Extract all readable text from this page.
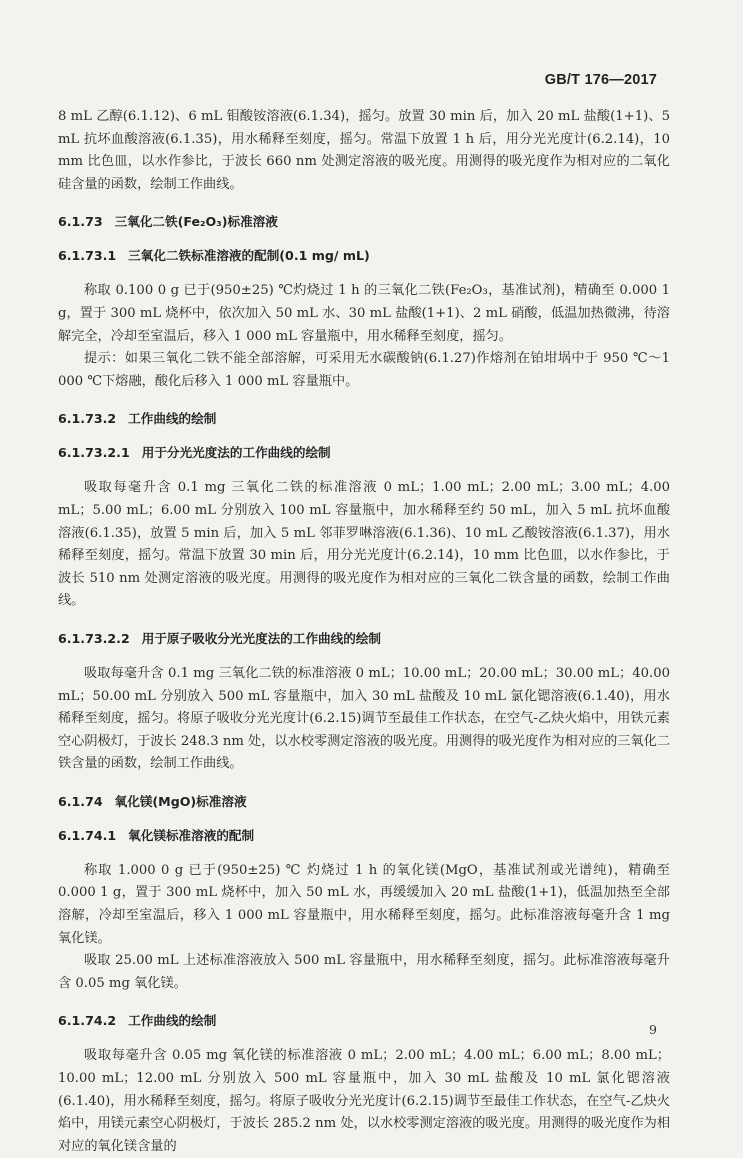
GB/T 176—2017

8 mL 乙醇(6.1.12)、6 mL 钼酸铵溶液(6.1.34)，摇匀。放置 30 min 后，加入 20 mL 盐酸(1+1)、5 mL 抗坏血酸溶液(6.1.35)，用水稀释至刻度，摇匀。常温下放置 1 h 后，用分光光度计(6.2.14)，10 mm 比色皿，以水作参比，于波长 660 nm 处测定溶液的吸光度。用测得的吸光度作为相对应的二氧化硅含量的函数，绘制工作曲线。

6.1.73 三氧化二铁(Fe₂O₃)标准溶液
6.1.73.1 三氧化二铁标准溶液的配制(0.1 mg/ mL)

称取 0.100 0 g 已于(950±25) ℃灼烧过 1 h 的三氧化二铁(Fe₂O₃，基准试剂)，精确至 0.000 1 g，置于 300 mL 烧杯中，依次加入 50 mL 水、30 mL 盐酸(1+1)、2 mL 硝酸，低温加热微沸，待溶解完全，冷却至室温后，移入 1 000 mL 容量瓶中，用水稀释至刻度，摇匀。

提示：如果三氧化二铁不能全部溶解，可采用无水碳酸钠(6.1.27)作熔剂在铂坩埚中于 950 ℃～1 000 ℃下熔融，酸化后移入 1 000 mL 容量瓶中。

6.1.73.2 工作曲线的绘制
6.1.73.2.1 用于分光光度法的工作曲线的绘制

吸取每毫升含 0.1 mg 三氧化二铁的标准溶液 0 mL；1.00 mL；2.00 mL；3.00 mL；4.00 mL；5.00 mL；6.00 mL 分别放入 100 mL 容量瓶中，加水稀释至约 50 mL，加入 5 mL 抗坏血酸溶液(6.1.35)，放置 5 min 后，加入 5 mL 邻菲罗啉溶液(6.1.36)、10 mL 乙酸铵溶液(6.1.37)，用水稀释至刻度，摇匀。常温下放置 30 min 后，用分光光度计(6.2.14)，10 mm 比色皿，以水作参比，于波长 510 nm 处测定溶液的吸光度。用测得的吸光度作为相对应的三氧化二铁含量的函数，绘制工作曲线。

6.1.73.2.2 用于原子吸收分光光度法的工作曲线的绘制

吸取每毫升含 0.1 mg 三氧化二铁的标准溶液 0 mL；10.00 mL；20.00 mL；30.00 mL；40.00 mL；50.00 mL 分别放入 500 mL 容量瓶中，加入 30 mL 盐酸及 10 mL 氯化锶溶液(6.1.40)，用水稀释至刻度，摇匀。将原子吸收分光光度计(6.2.15)调节至最佳工作状态，在空气-乙炔火焰中，用铁元素空心阴极灯，于波长 248.3 nm 处，以水校零测定溶液的吸光度。用测得的吸光度作为相对应的三氧化二铁含量的函数，绘制工作曲线。

6.1.74 氧化镁(MgO)标准溶液
6.1.74.1 氧化镁标准溶液的配制

称取 1.000 0 g 已于(950±25) ℃ 灼烧过 1 h 的氧化镁(MgO，基准试剂或光谱纯)，精确至 0.000 1 g，置于 300 mL 烧杯中，加入 50 mL 水，再缓缓加入 20 mL 盐酸(1+1)，低温加热至全部溶解，冷却至室温后，移入 1 000 mL 容量瓶中，用水稀释至刻度，摇匀。此标准溶液每毫升含 1 mg 氧化镁。

吸取 25.00 mL 上述标准溶液放入 500 mL 容量瓶中，用水稀释至刻度，摇匀。此标准溶液每毫升含 0.05 mg 氧化镁。

6.1.74.2 工作曲线的绘制

吸取每毫升含 0.05 mg 氧化镁的标准溶液 0 mL；2.00 mL；4.00 mL；6.00 mL；8.00 mL；10.00 mL；12.00 mL 分别放入 500 mL 容量瓶中，加入 30 mL 盐酸及 10 mL 氯化锶溶液(6.1.40)，用水稀释至刻度，摇匀。将原子吸收分光光度计(6.2.15)调节至最佳工作状态，在空气-乙炔火焰中，用镁元素空心阴极灯，于波长 285.2 nm 处，以水校零测定溶液的吸光度。用测得的吸光度作为相对应的氧化镁含量的

9
